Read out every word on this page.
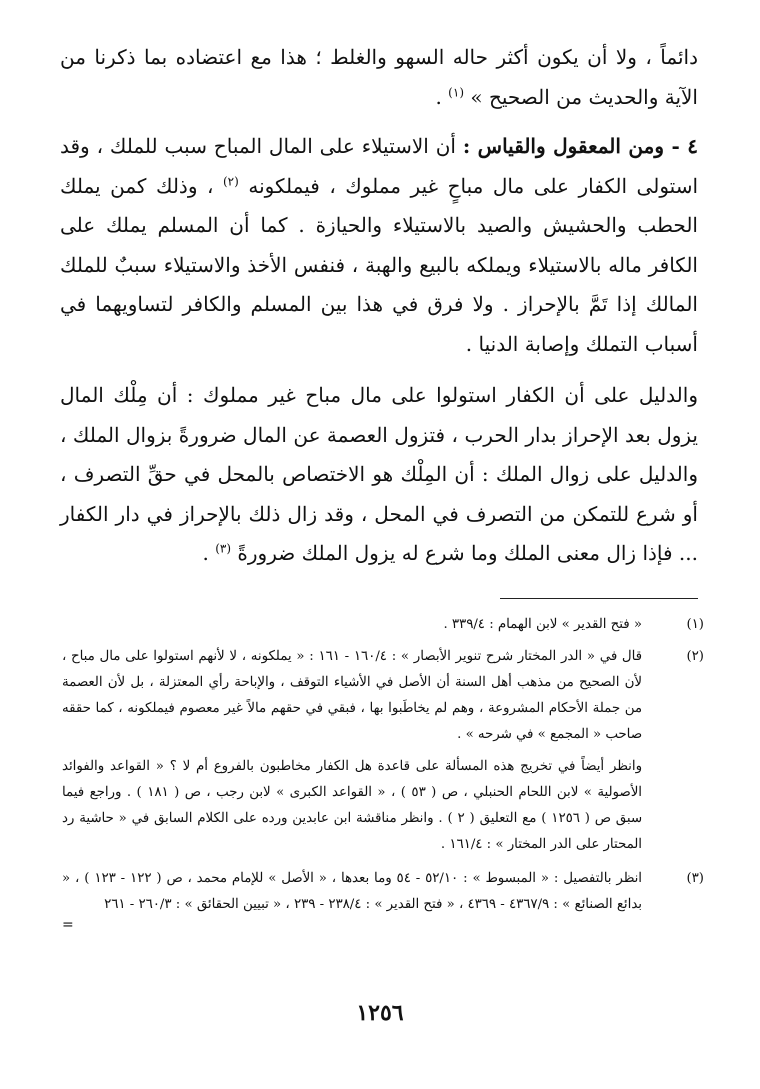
دائماً ، ولا أن يكون أكثر حاله السهو والغلط ؛ هذا مع اعتضاده بما ذكرنا من الآية والحديث من الصحيح » $^{(١)}$ .

٤ - ومن المعقول والقياس : أن الاستيلاء على المال المباح سبب للملك ، وقد استولى الكفار على مال مباحٍ غير مملوك ، فيملكونه $^{(٢)}$ ، وذلك كمن يملك الحطب والحشيش والصيد بالاستيلاء والحيازة . كما أن المسلم يملك على الكافر ماله بالاستيلاء ويملكه بالبيع والهبة ، فنفس الأخذ والاستيلاء سببٌ للملك المالك إذا تَمَّ بالإحراز . ولا فرق في هذا بين المسلم والكافر لتساويهما في أسباب التملك وإصابة الدنيا .

والدليل على أن الكفار استولوا على مال مباح غير مملوك : أن مِلْك المال يزول بعد الإحراز بدار الحرب ، فتزول العصمة عن المال ضرورةً بزوال الملك ، والدليل على زوال الملك : أن المِلْك هو الاختصاص بالمحل في حقِّ التصرف ، أو شرع للتمكن من التصرف في المحل ، وقد زال ذلك بالإحراز في دار الكفار ... فإذا زال معنى الملك وما شرع له يزول الملك ضرورةً $^{(٣)}$ .

(١)

« فتح القدير » لابن الهمام : ٣٣٩/٤ .

(٢)

قال في « الدر المختار شرح تنوير الأبصار » : ١٦٠/٤ - ١٦١ : « يملكونه ، لا لأنهم استولوا على مال مباح ، لأن الصحيح من مذهب أهل السنة أن الأصل في الأشياء التوقف ، والإباحة رأي المعتزلة ، بل لأن العصمة من جملة الأحكام المشروعة ، وهم لم يخاطَبوا بها ، فبقي في حقهم مالاً غير معصوم فيملكونه ، كما حققه صاحب « المجمع » في شرحه » .

وانظر أيضاً في تخريج هذه المسألة على قاعدة هل الكفار مخاطبون بالفروع أم لا ؟ « القواعد والفوائد الأصولية » لابن اللحام الحنبلي ، ص ( ٥٣ ) ، « القواعد الكبرى » لابن رجب ، ص ( ١٨١ ) . وراجع فيما سبق ص ( ١٢٥٦ ) مع التعليق ( ٢ ) . وانظر مناقشة ابن عابدين ورده على الكلام السابق في « حاشية رد المحتار على الدر المختار » : ١٦١/٤ .

(٣)

انظر بالتفصيل : « المبسوط » : ٥٢/١٠ - ٥٤ وما بعدها ، « الأصل » للإمام محمد ، ص ( ١٢٢ - ١٢٣ ) ، « بدائع الصنائع » : ٤٣٦٧/٩ - ٤٣٦٩ ، « فتح القدير » : ٢٣٨/٤ - ٢٣٩ ، « تبيين الحقائق » : ٢٦٠/٣ - ٢٦١

=
١٢٥٦
